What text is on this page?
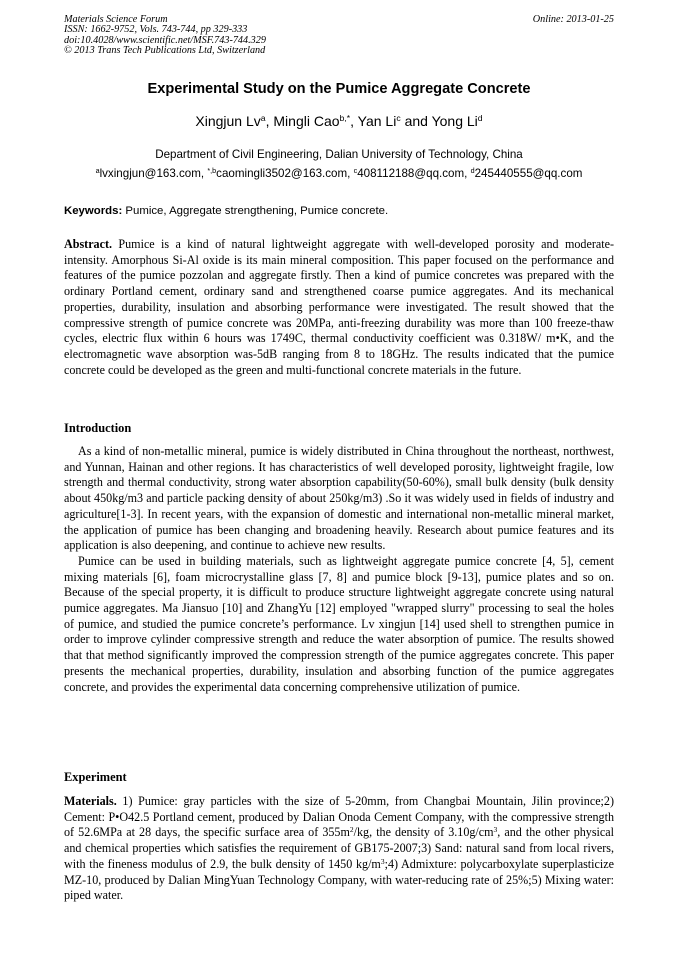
Materials Science Forum
ISSN: 1662-9752, Vols. 743-744, pp 329-333
doi:10.4028/www.scientific.net/MSF.743-744.329
© 2013 Trans Tech Publications Ltd, Switzerland
Online: 2013-01-25
Experimental Study on the Pumice Aggregate Concrete
Xingjun Lv$^a$, Mingli Cao$^{b,*}$, Yan Li$^c$ and Yong Li$^d$
Department of Civil Engineering, Dalian University of Technology, China
$^a$lvxingjun@163.com, $^{*,b}$caomingli3502@163.com, $^c$408112188@qq.com, $^d$245440555@qq.com
Keywords: Pumice, Aggregate strengthening, Pumice concrete.

Abstract. Pumice is a kind of natural lightweight aggregate with well-developed porosity and moderate-intensity. Amorphous Si-Al oxide is its main mineral composition. This paper focused on the performance and features of the pumice pozzolan and aggregate firstly. Then a kind of pumice concretes was prepared with the ordinary Portland cement, ordinary sand and strengthened coarse pumice aggregates. And its mechanical properties, durability, insulation and absorbing performance were investigated. The result showed that the compressive strength of pumice concrete was 20MPa, anti-freezing durability was more than 100 freeze-thaw cycles, electric flux within 6 hours was 1749C, thermal conductivity coefficient was 0.318W/ m•K, and the electromagnetic wave absorption was-5dB ranging from 8 to 18GHz. The results indicated that the pumice concrete could be developed as the green and multi-functional concrete materials in the future.

Introduction

As a kind of non-metallic mineral, pumice is widely distributed in China throughout the northeast, northwest, and Yunnan, Hainan and other regions. It has characteristics of well developed porosity, lightweight fragile, low strength and thermal conductivity, strong water absorption capability(50-60%), small bulk density (bulk density about 450kg/m3 and particle packing density of about 250kg/m3) .So it was widely used in fields of industry and agriculture[1-3]. In recent years, with the expansion of domestic and international non-metallic mineral market, the application of pumice has been changing and broadening heavily. Research about pumice features and its application is also deepening, and continue to achieve new results.

Pumice can be used in building materials, such as lightweight aggregate pumice concrete [4, 5], cement mixing materials [6], foam microcrystalline glass [7, 8] and pumice block [9-13], pumice plates and so on. Because of the special property, it is difficult to produce structure lightweight aggregate concrete using natural pumice aggregates. Ma Jiansuo [10] and ZhangYu [12] employed "wrapped slurry" processing to seal the holes of pumice, and studied the pumice concrete’s performance. Lv xingjun [14] used shell to strengthen pumice in order to improve cylinder compressive strength and reduce the water absorption of pumice. The results showed that that method significantly improved the compression strength of the pumice aggregates concrete. This paper presents the mechanical properties, durability, insulation and absorbing function of the pumice aggregates concrete, and provides the experimental data concerning comprehensive utilization of pumice.

Experiment

Materials. 1) Pumice: gray particles with the size of 5-20mm, from Changbai Mountain, Jilin province;2) Cement: P•O42.5 Portland cement, produced by Dalian Onoda Cement Company, with the compressive strength of 52.6MPa at 28 days, the specific surface area of $355m^2/kg$, the density of $3.10g/cm^3$, and the other physical and chemical properties which satisfies the requirement of GB175-2007;3) Sand: natural sand from local rivers, with the fineness modulus of 2.9, the bulk density of 1450 $kg/m^3;4$) Admixture: polycarboxylate superplasticize MZ-10, produced by Dalian MingYuan Technology Company, with water-reducing rate of 25%;5) Mixing water: piped water.
